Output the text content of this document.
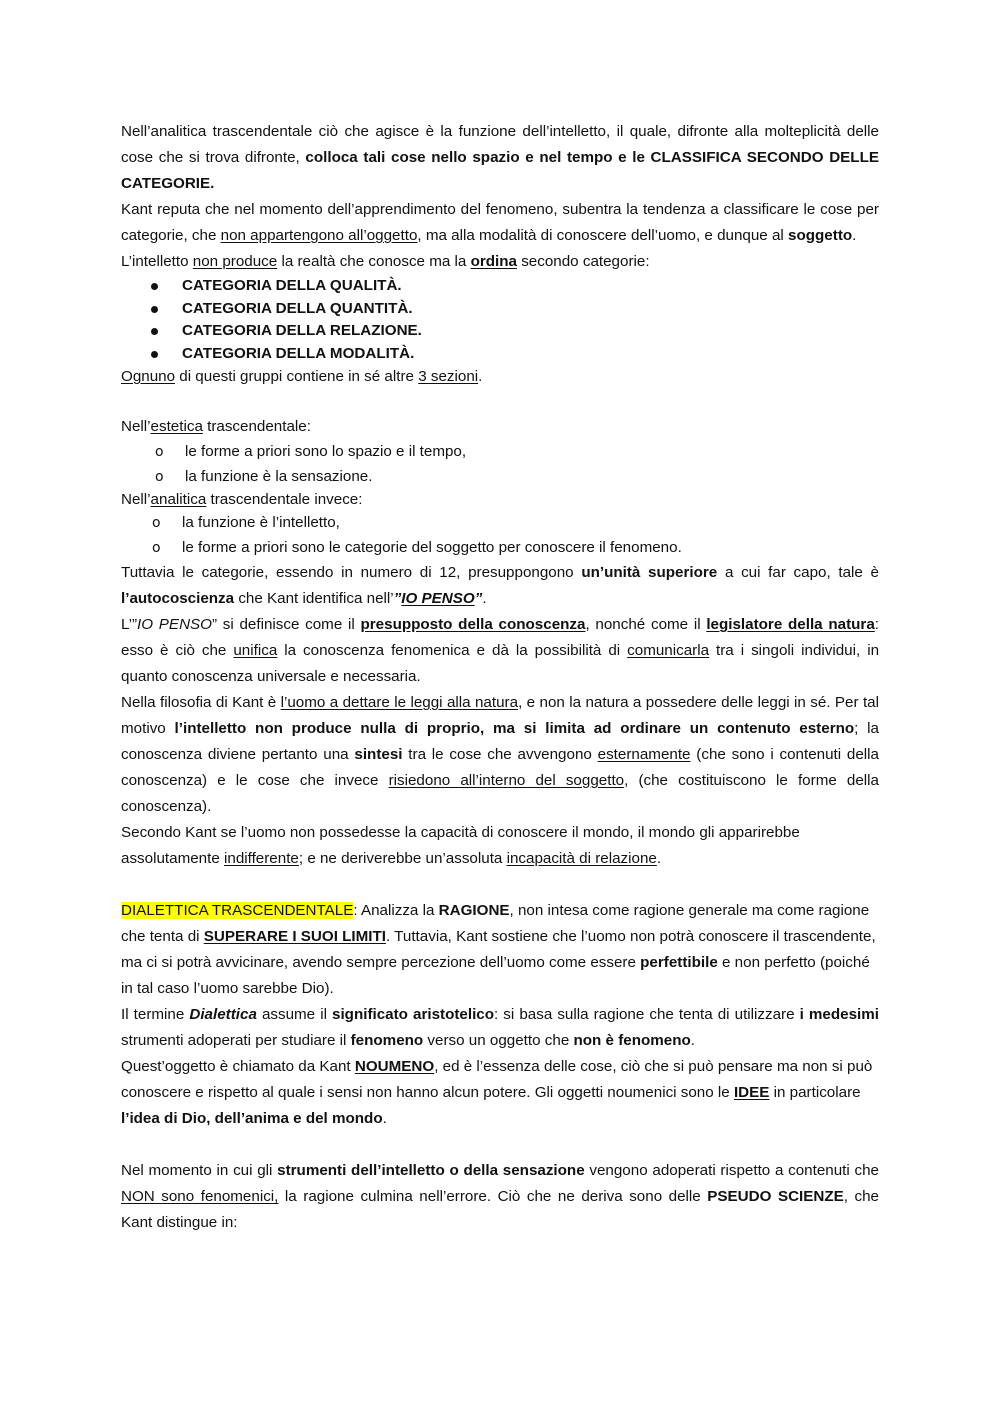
Nell’analitica trascendentale ciò che agisce è la funzione dell’intelletto, il quale, difronte alla molteplicità delle cose che si trova difronte, colloca tali cose nello spazio e nel tempo e le CLASSIFICA SECONDO DELLE CATEGORIE.

Kant reputa che nel momento dell’apprendimento del fenomeno, subentra la tendenza a classificare le cose per categorie, che non appartengono all’oggetto, ma alla modalità di conoscere dell’uomo, e dunque al soggetto.

L’intelletto non produce la realtà che conosce ma la ordina secondo categorie:

CATEGORIA DELLA QUALITÀ.
CATEGORIA DELLA QUANTITÀ.
CATEGORIA DELLA RELAZIONE.
CATEGORIA DELLA MODALITÀ.

Ognuno di questi gruppi contiene in sé altre 3 sezioni.

Nell’estetica trascendentale:

o le forme a priori sono lo spazio e il tempo,
o la funzione è la sensazione.

Nell’analitica trascendentale invece:

o la funzione è l’intelletto,
o le forme a priori sono le categorie del soggetto per conoscere il fenomeno.

Tuttavia le categorie, essendo in numero di 12, presuppongono un’unità superiore a cui far capo, tale è l’autocoscienza che Kant identifica nell’”IO PENSO”.

L’”IO PENSO” si definisce come il presupposto della conoscenza, nonché come il legislatore della natura: esso è ciò che unifica la conoscenza fenomenica e dà la possibilità di comunicarla tra i singoli individui, in quanto conoscenza universale e necessaria.

Nella filosofia di Kant è l’uomo a dettare le leggi alla natura, e non la natura a possedere delle leggi in sé. Per tal motivo l’intelletto non produce nulla di proprio, ma si limita ad ordinare un contenuto esterno; la conoscenza diviene pertanto una sintesi tra le cose che avvengono esternamente (che sono i contenuti della conoscenza) e le cose che invece risiedono all’interno del soggetto, (che costituiscono le forme della conoscenza).

Secondo Kant se l’uomo non possedesse la capacità di conoscere il mondo, il mondo gli apparirebbe assolutamente indifferente; e ne deriverebbe un’assoluta incapacità di relazione.

DIALETTICA TRASCENDENTALE: Analizza la RAGIONE, non intesa come ragione generale ma come ragione che tenta di SUPERARE I SUOI LIMITI. Tuttavia, Kant sostiene che l’uomo non potrà conoscere il trascendente, ma ci si potrà avvicinare, avendo sempre percezione dell’uomo come essere perfettibile e non perfetto (poiché in tal caso l’uomo sarebbe Dio).

Il termine Dialettica assume il significato aristotelico: si basa sulla ragione che tenta di utilizzare i medesimi strumenti adoperati per studiare il fenomeno verso un oggetto che non è fenomeno.

Quest’oggetto è chiamato da Kant NOUMENO, ed è l’essenza delle cose, ciò che si può pensare ma non si può conoscere e rispetto al quale i sensi non hanno alcun potere. Gli oggetti noumenici sono le IDEE in particolare l’idea di Dio, dell’anima e del mondo.

Nel momento in cui gli strumenti dell’intelletto o della sensazione vengono adoperati rispetto a contenuti che NON sono fenomenici, la ragione culmina nell’errore. Ciò che ne deriva sono delle PSEUDO SCIENZE, che Kant distingue in:
